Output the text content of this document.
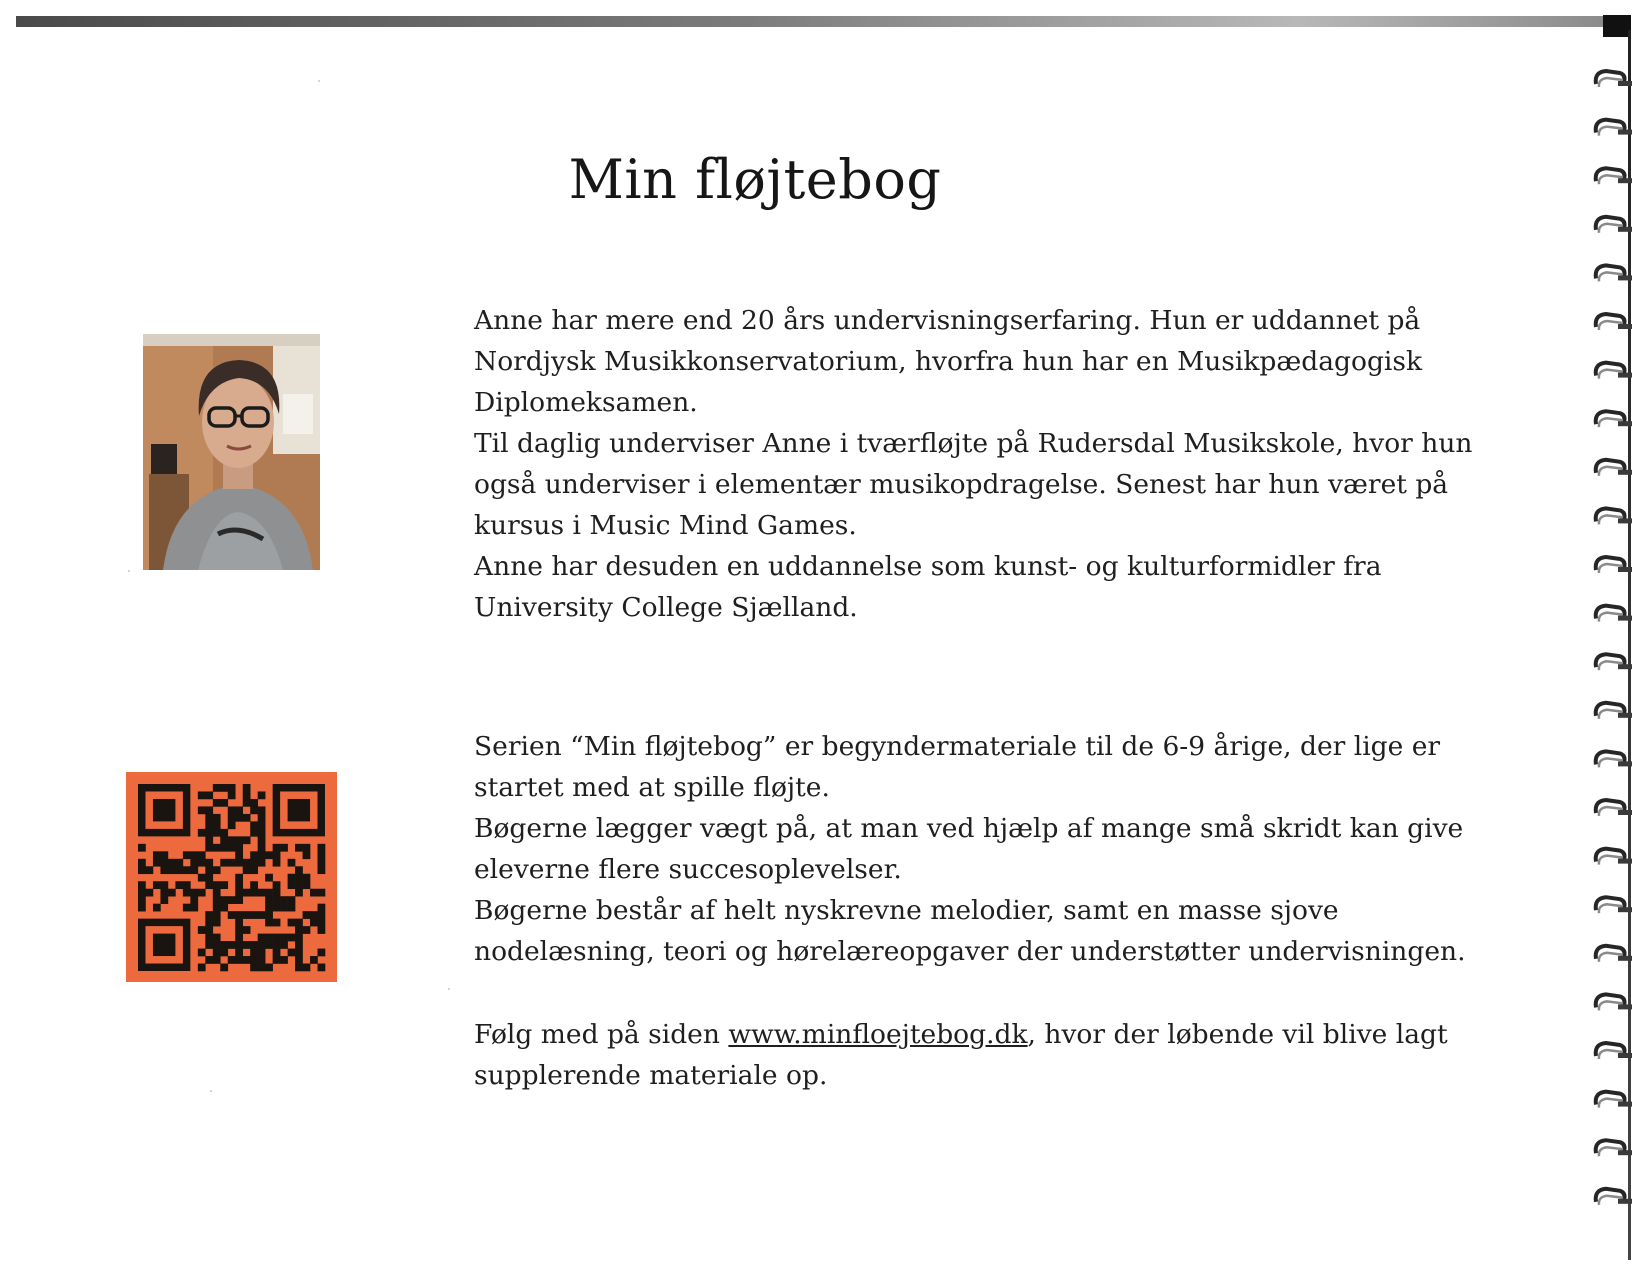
Min fløjtebog

Anne har mere end 20 års undervisningserfaring. Hun er uddannet på Nordjysk Musikkonservatorium, hvorfra hun har en Musikpædagogisk Diplomeksamen.

Til daglig underviser Anne i tværfløjte på Rudersdal Musikskole, hvor hun også underviser i elementær musikopdragelse. Senest har hun været på kursus i Music Mind Games.

Anne har desuden en uddannelse som kunst- og kulturformidler fra University College Sjælland.

Serien “Min fløjtebog” er begyndermateriale til de 6-9 årige, der lige er startet med at spille fløjte.

Bøgerne lægger vægt på, at man ved hjælp af mange små skridt kan give eleverne flere succesoplevelser.

Bøgerne består af helt nyskrevne melodier, samt en masse sjove nodelæsning, teori og hørelæreopgaver der understøtter undervisningen.

Følg med på siden www.minfloejtebog.dk, hvor der løbende vil blive lagt supplerende materiale op.
